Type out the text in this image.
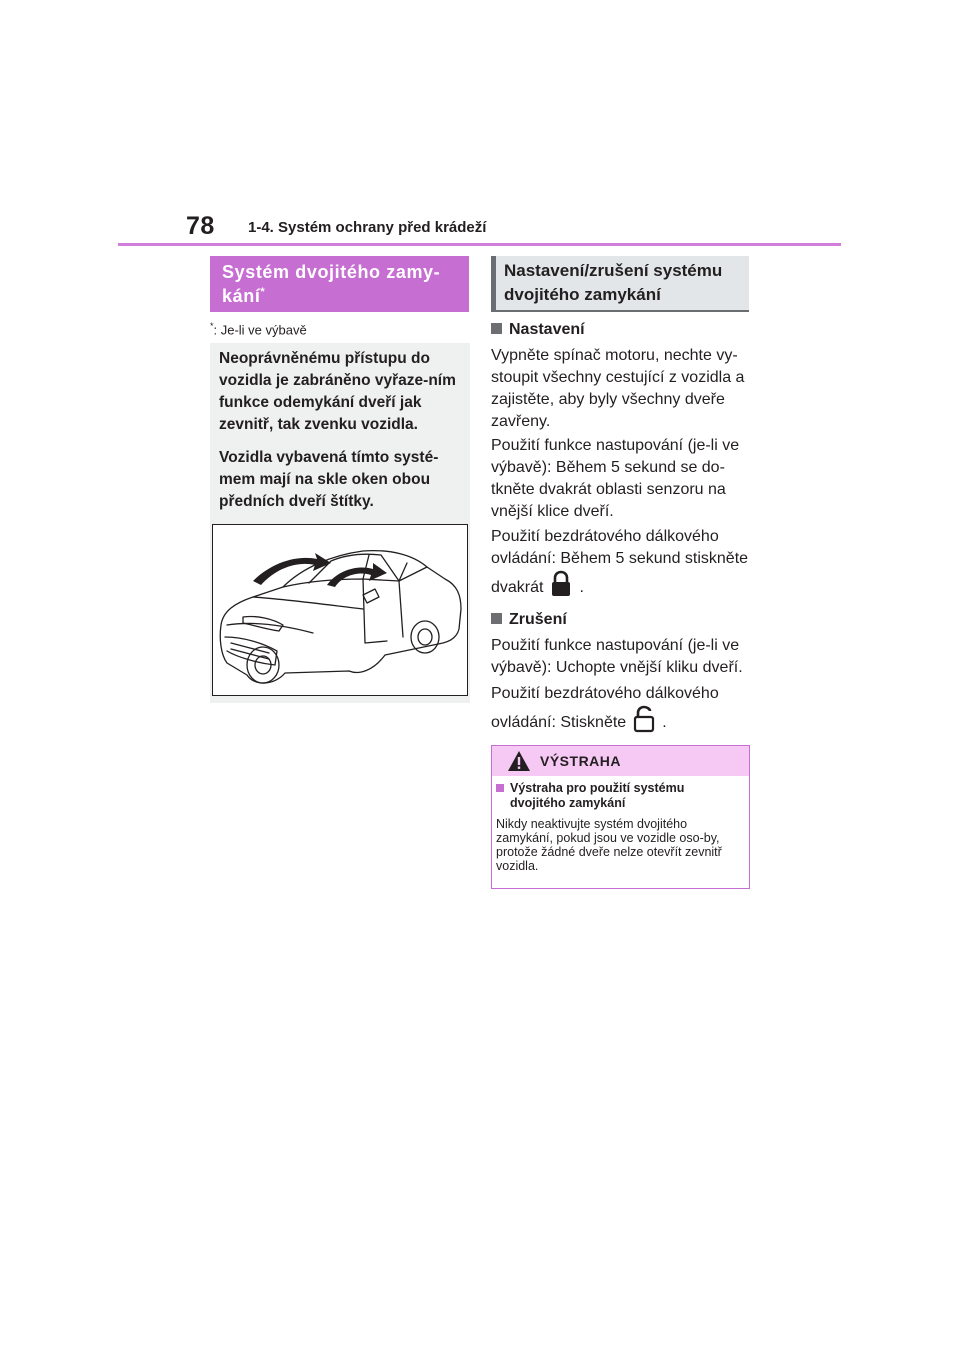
78 1-4. Systém ochrany před krádeží
Systém dvojitého zamy-
kání*
*: Je-li ve výbavě

Neoprávněnému přístupu do vozidla je zabráněno vyřaze-ním funkce odemykání dveří jak zevnitř, tak zvenku vozidla.

Vozidla vybavená tímto systé-mem mají na skle oken obou předních dveří štítky.

Nastavení/zrušení systému
dvojitého zamykání
Nastavení
Vypněte spínač motoru, nechte vy-stoupit všechny cestující z vozidla a zajistěte, aby byly všechny dveře zavřeny.
Použití funkce nastupování (je-li ve výbavě): Během 5 sekund se do-tkněte dvakrát oblasti senzoru na vnější klice dveří.
Použití bezdrátového dálkového ovládání: Během 5 sekund stiskněte dvakrát .
Zrušení
Použití funkce nastupování (je-li ve výbavě): Uchopte vnější kliku dveří.
Použití bezdrátového dálkového ovládání: Stiskněte .
VÝSTRAHA
Výstraha pro použití systému dvojitého zamykání
Nikdy neaktivujte systém dvojitého zamykání, pokud jsou ve vozidle oso-by, protože žádné dveře nelze otevřít zevnitř vozidla.
